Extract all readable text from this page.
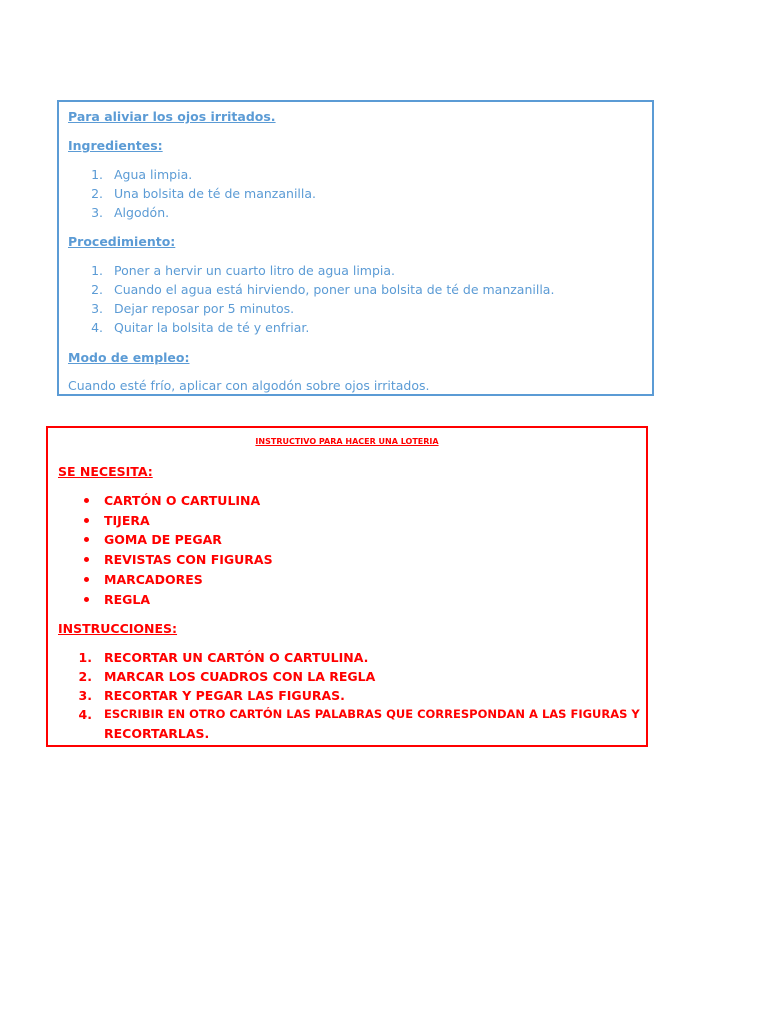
Para aliviar los ojos irritados.
Ingredientes:
1. Agua limpia.
2. Una bolsita de té de manzanilla.
3. Algodón.
Procedimiento:
1. Poner a hervir un cuarto litro de agua limpia.
2. Cuando el agua está hirviendo, poner una bolsita de té de manzanilla.
3. Dejar reposar por 5 minutos.
4. Quitar la bolsita de té y enfriar.
Modo de empleo:
Cuando esté frío, aplicar con algodón sobre ojos irritados.
INSTRUCTIVO PARA HACER UNA LOTERIA
SE NECESITA:
CARTÓN O CARTULINA
TIJERA
GOMA DE PEGAR
REVISTAS CON FIGURAS
MARCADORES
REGLA
INSTRUCCIONES:
1. RECORTAR UN CARTÓN O CARTULINA.
2. MARCAR LOS CUADROS CON LA REGLA
3. RECORTAR Y PEGAR LAS FIGURAS.
4. ESCRIBIR EN OTRO CARTÓN LAS PALABRAS QUE CORRESPONDAN A LAS FIGURAS Y
RECORTARLAS.
